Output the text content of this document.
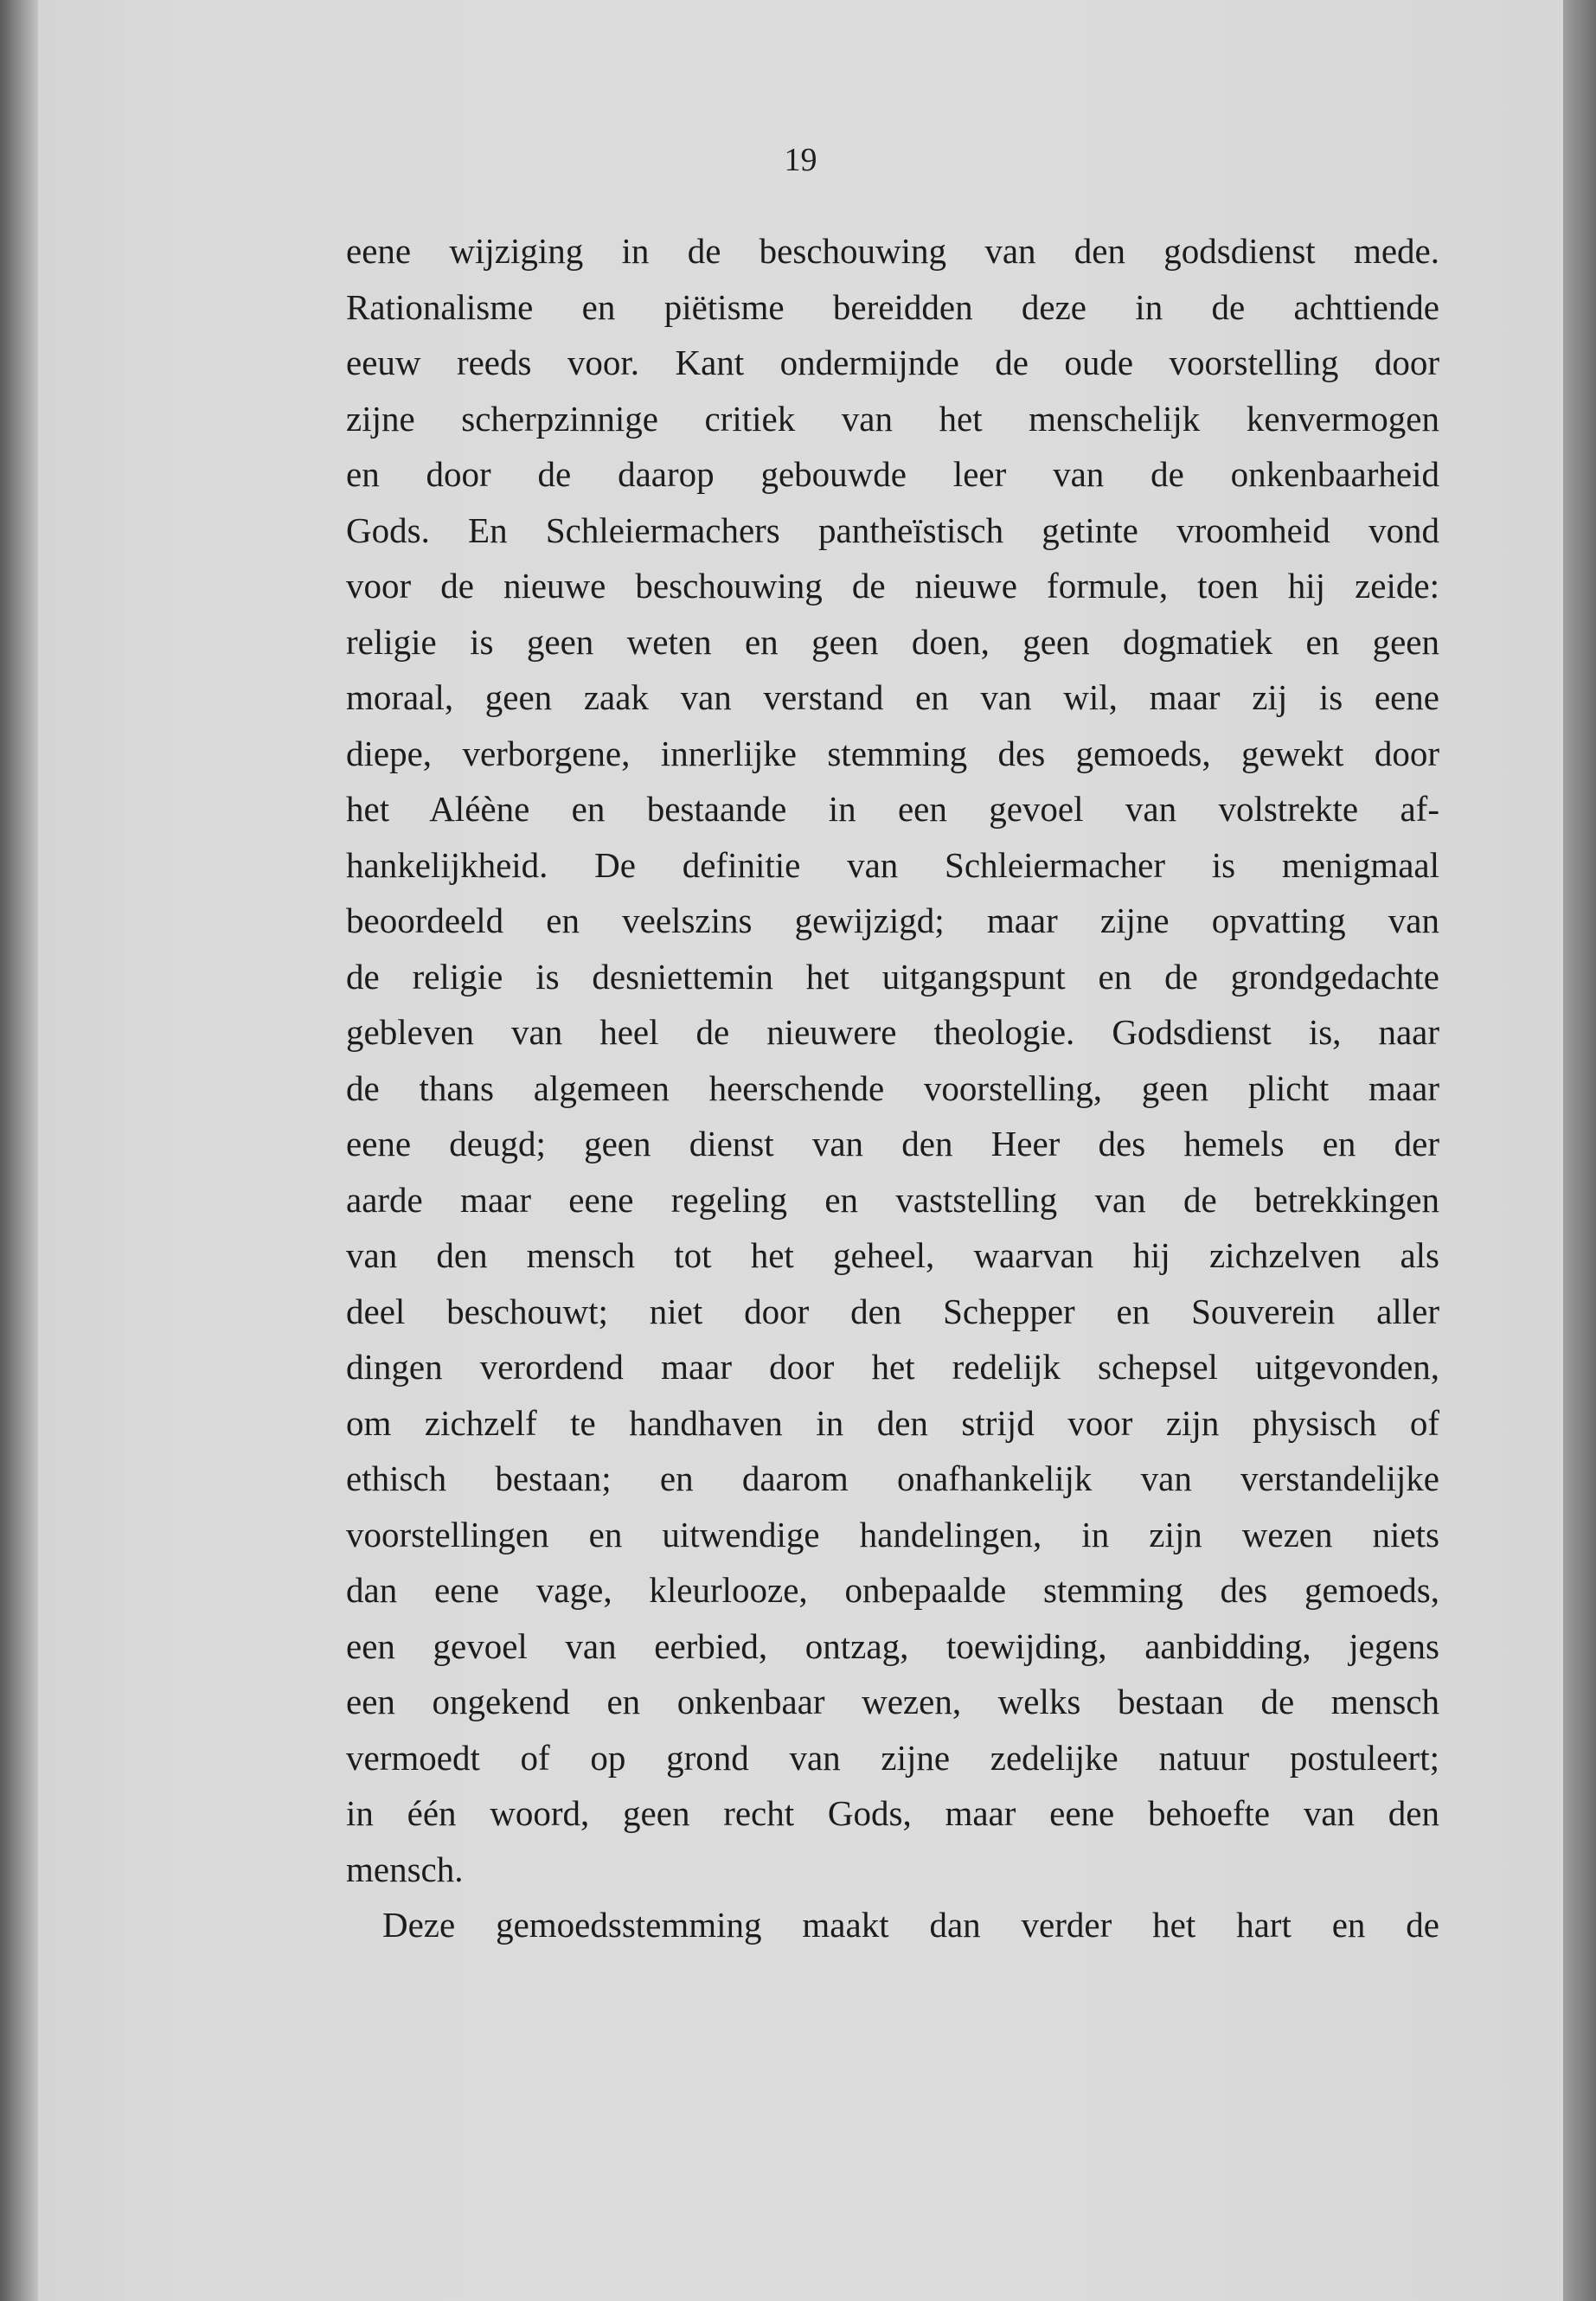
19
eene wijziging in de beschouwing van den godsdienst mede.
Rationalisme en piëtisme bereidden deze in de achttiende
eeuw reeds voor. Kant ondermijnde de oude voorstelling door
zijne scherpzinnige critiek van het menschelijk kenvermogen
en door de daarop gebouwde leer van de onkenbaarheid
Gods. En Schleiermachers pantheïstisch getinte vroomheid vond
voor de nieuwe beschouwing de nieuwe formule, toen hij zeide:
religie is geen weten en geen doen, geen dogmatiek en geen
moraal, geen zaak van verstand en van wil, maar zij is eene
diepe, verborgene, innerlijke stemming des gemoeds, gewekt door
het Aléène en bestaande in een gevoel van volstrekte af-
hankelijkheid. De definitie van Schleiermacher is menigmaal
beoordeeld en veelszins gewijzigd; maar zijne opvatting van
de religie is desniettemin het uitgangspunt en de grondgedachte
gebleven van heel de nieuwere theologie. Godsdienst is, naar
de thans algemeen heerschende voorstelling, geen plicht maar
eene deugd; geen dienst van den Heer des hemels en der
aarde maar eene regeling en vaststelling van de betrekkingen
van den mensch tot het geheel, waarvan hij zichzelven als
deel beschouwt; niet door den Schepper en Souverein aller
dingen verordend maar door het redelijk schepsel uitgevonden,
om zichzelf te handhaven in den strijd voor zijn physisch of
ethisch bestaan; en daarom onafhankelijk van verstandelijke
voorstellingen en uitwendige handelingen, in zijn wezen niets
dan eene vage, kleurlooze, onbepaalde stemming des gemoeds,
een gevoel van eerbied, ontzag, toewijding, aanbidding, jegens
een ongekend en onkenbaar wezen, welks bestaan de mensch
vermoedt of op grond van zijne zedelijke natuur postuleert;
in één woord, geen recht Gods, maar eene behoefte van den
mensch.
Deze gemoedsstemming maakt dan verder het hart en de
